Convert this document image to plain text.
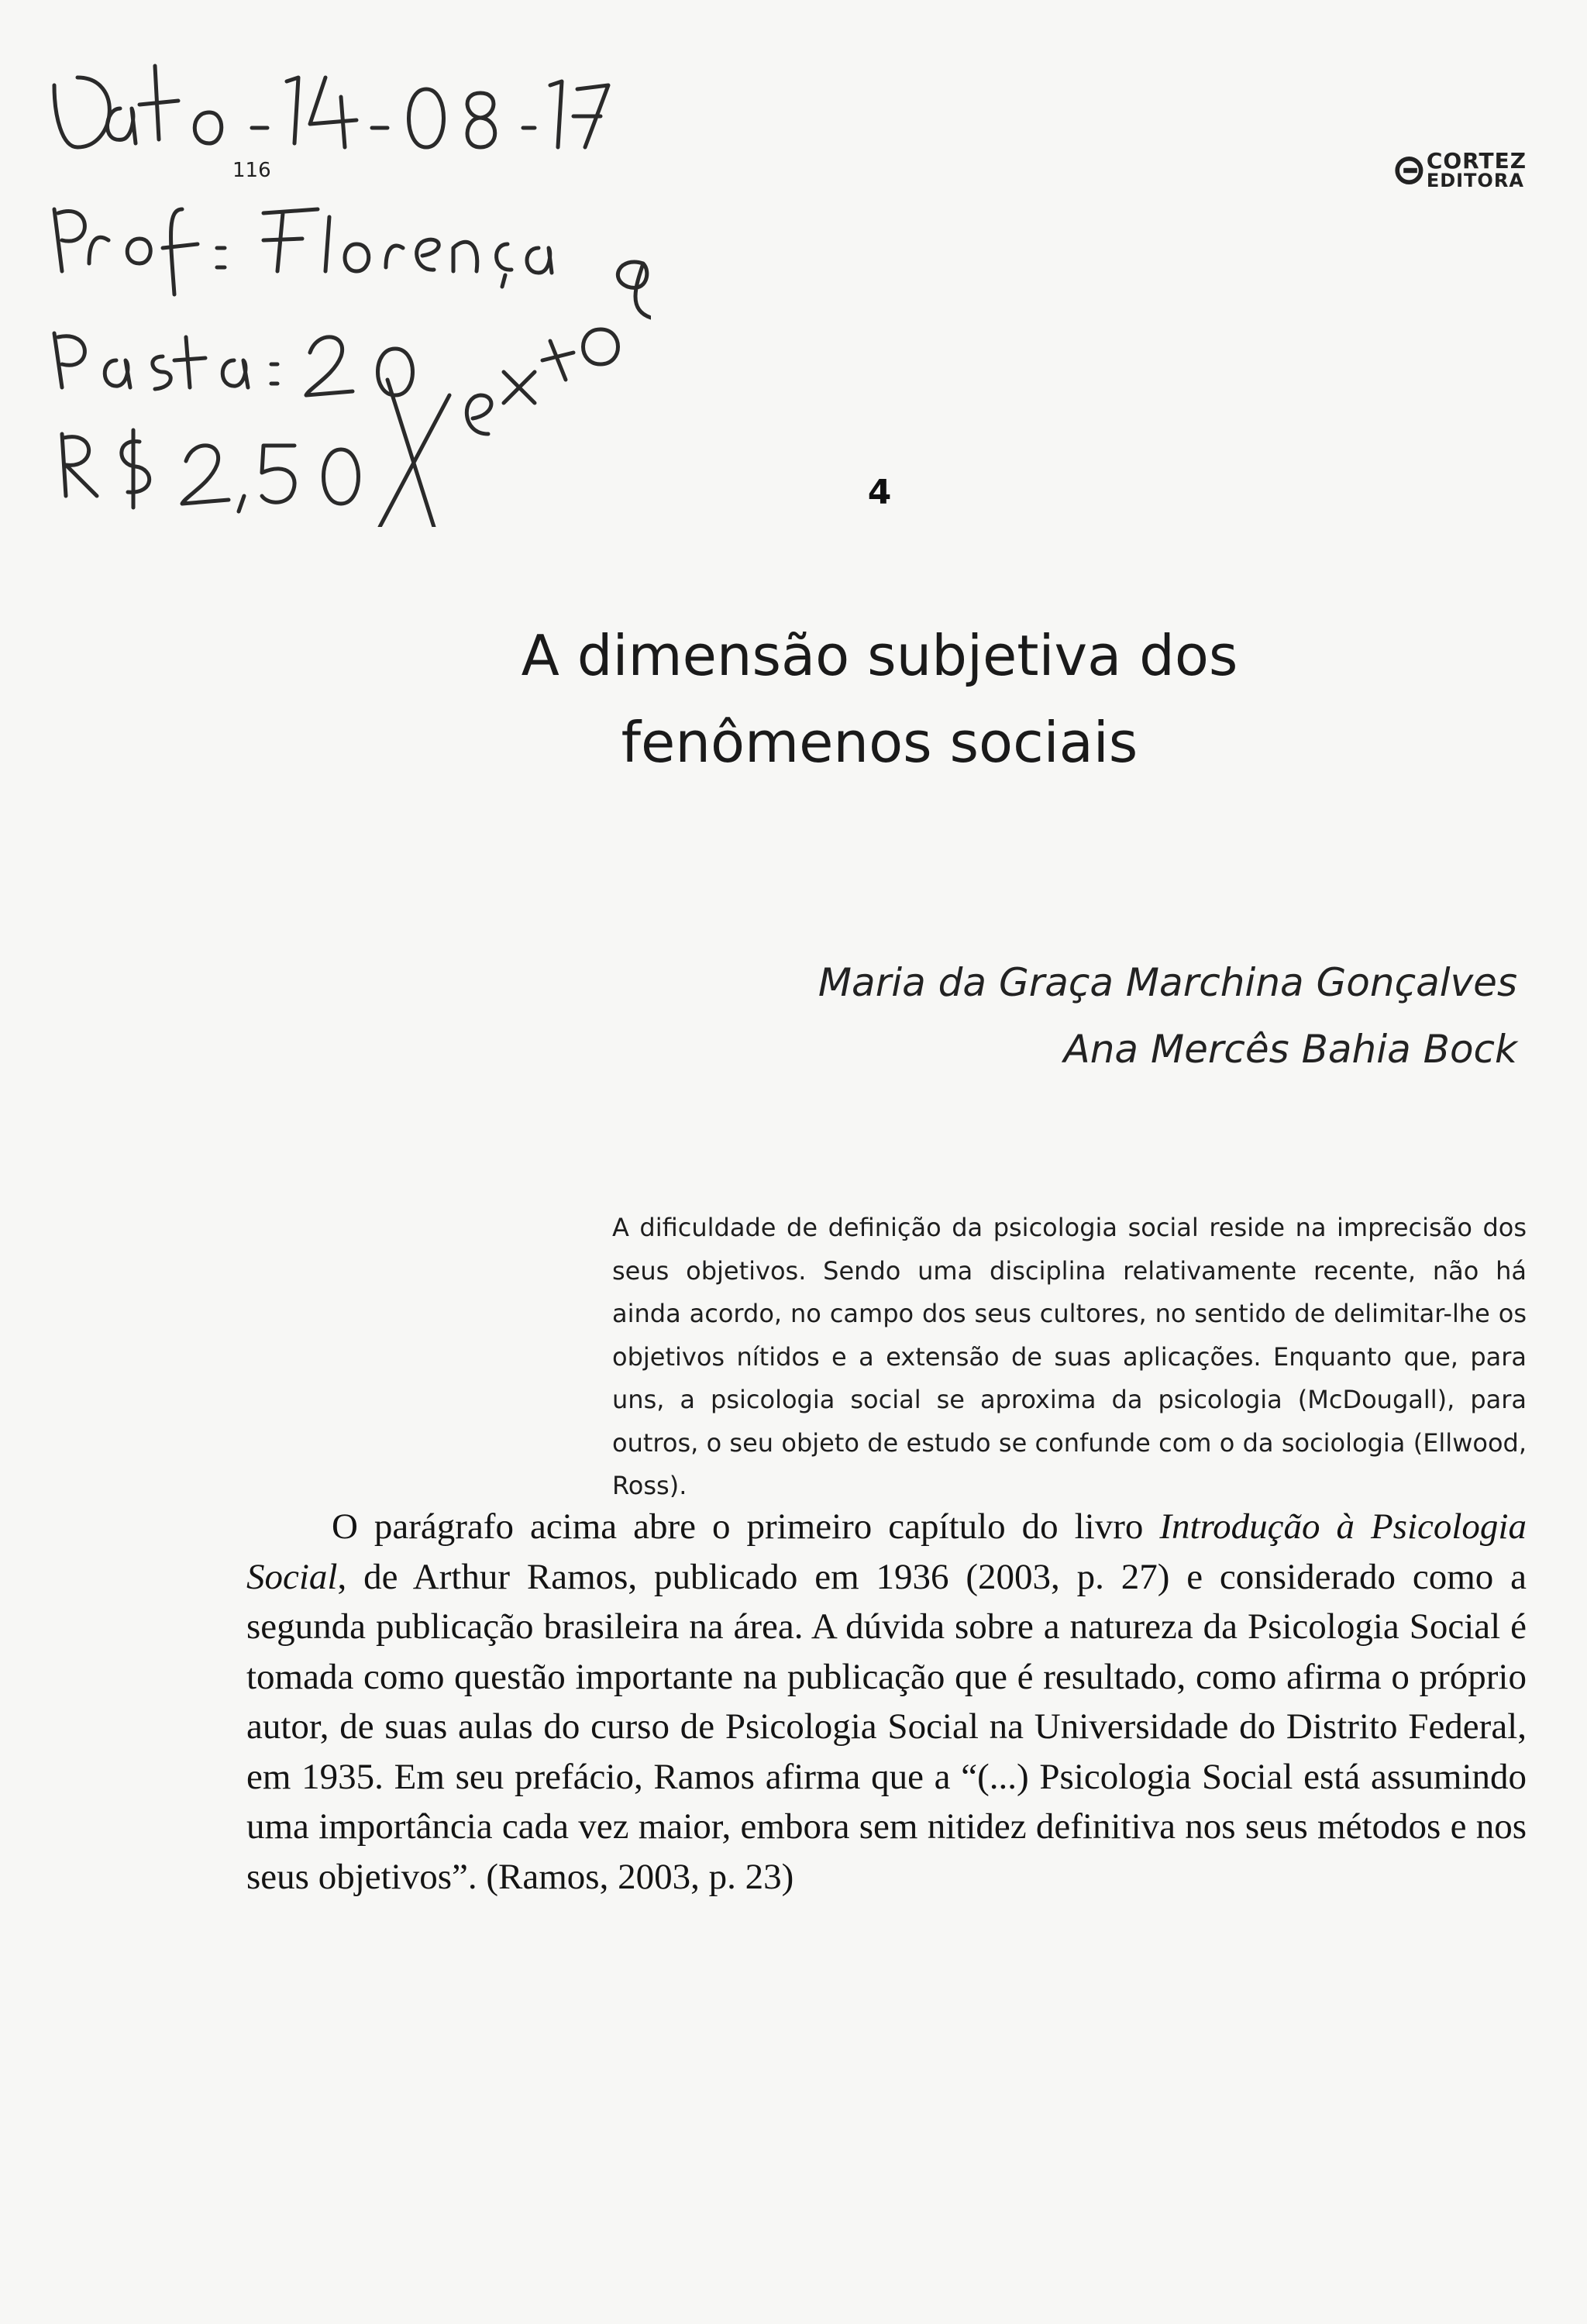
116	CORTEZ
EDITORA
4
A dimensão subjetiva dos
fenômenos sociais
Maria da Graça Marchina Gonçalves
Ana Mercês Bahia Bock

A dificuldade de definição da psicologia social reside na imprecisão dos seus objetivos. Sendo uma disciplina relativamente recente, não há ainda acordo, no campo dos seus cultores, no sentido de delimitar-lhe os objetivos nítidos e a extensão de suas aplicações. Enquanto que, para uns, a psicologia social se aproxima da psicologia (McDougall), para outros, o seu objeto de estudo se confunde com o da sociologia (Ellwood, Ross).

O parágrafo acima abre o primeiro capítulo do livro Introdução à Psicologia Social, de Arthur Ramos, publicado em 1936 (2003, p. 27) e considerado como a segunda publicação brasileira na área. A dúvida sobre a natureza da Psicologia Social é tomada como questão importante na publicação que é resultado, como afirma o próprio autor, de suas aulas do curso de Psicologia Social na Universidade do Distrito Federal, em 1935. Em seu prefácio, Ramos afirma que a “(...) Psicologia Social está assumindo uma importância cada vez maior, embora sem nitidez definitiva nos seus métodos e nos seus objetivos”. (Ramos, 2003, p. 23)
